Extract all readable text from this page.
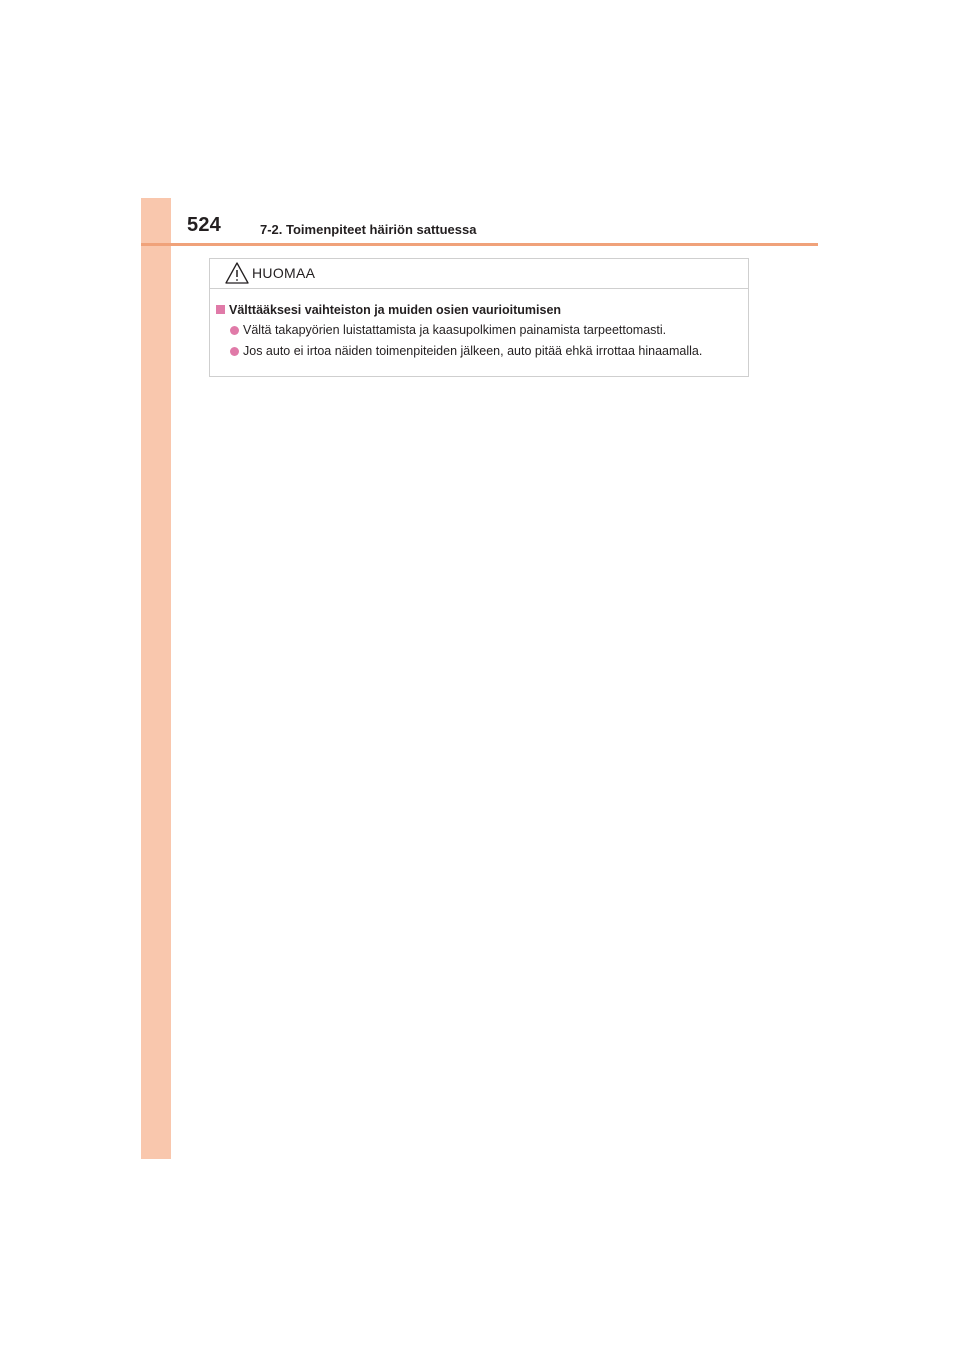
524	7-2. Toimenpiteet häiriön sattuessa
HUOMAA
Välttääksesi vaihteiston ja muiden osien vaurioitumisen
Vältä takapyörien luistattamista ja kaasupolkimen painamista tarpeettomasti.
Jos auto ei irtoa näiden toimenpiteiden jälkeen, auto pitää ehkä irrottaa hinaamalla.
